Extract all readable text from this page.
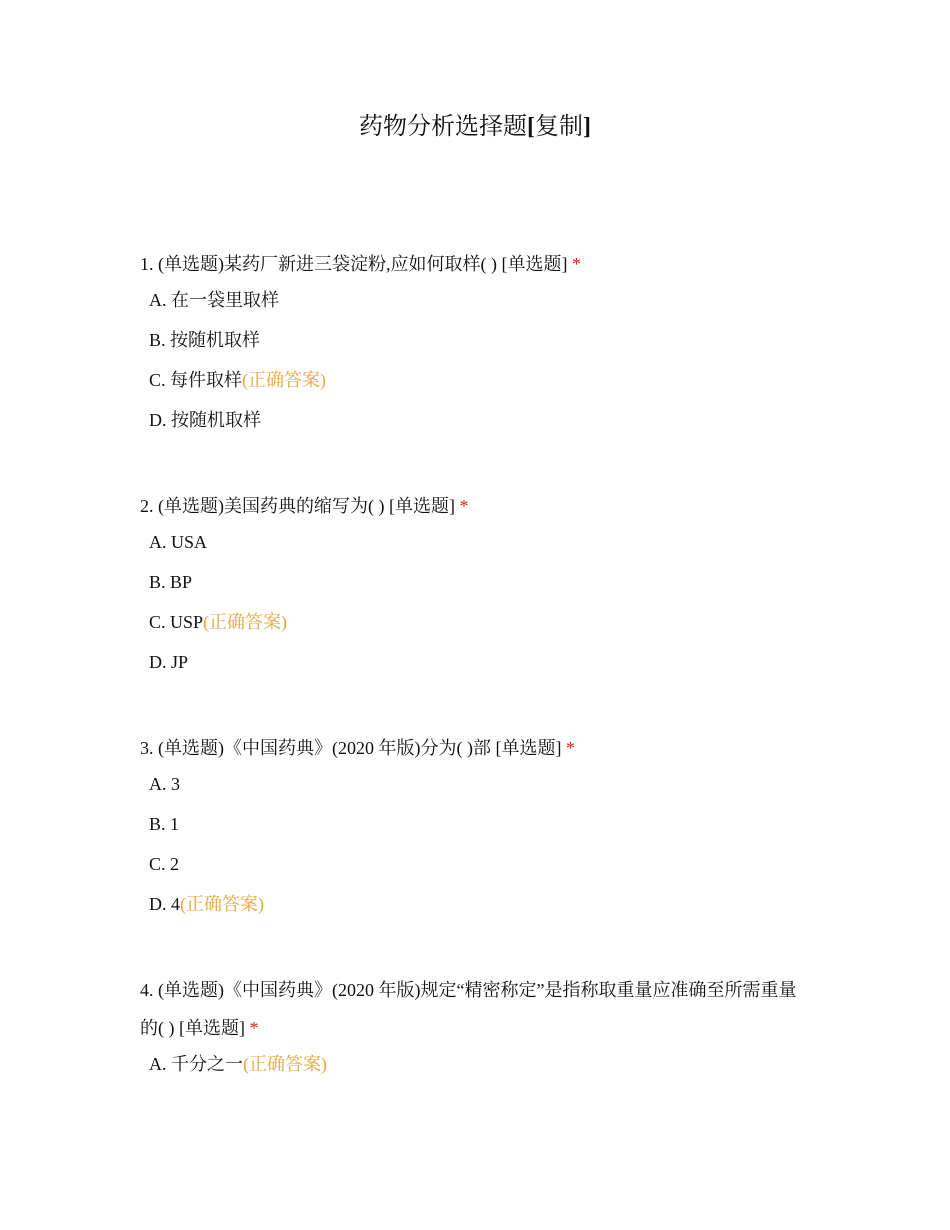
药物分析选择题[复制]

1. (单选题)某药厂新进三袋淀粉,应如何取样( ) [单选题] *

A. 在一袋里取样
B. 按随机取样
C. 每件取样(正确答案)
D. 按随机取样

2. (单选题)美国药典的缩写为( ) [单选题] *

A. USA
B. BP
C. USP(正确答案)
D. JP

3. (单选题)《中国药典》(2020 年版)分为( )部 [单选题] *

A. 3
B. 1
C. 2
D. 4(正确答案)

4. (单选题)《中国药典》(2020 年版)规定“精密称定”是指称取重量应准确至所需重量的( ) [单选题] *

A. 千分之一(正确答案)
